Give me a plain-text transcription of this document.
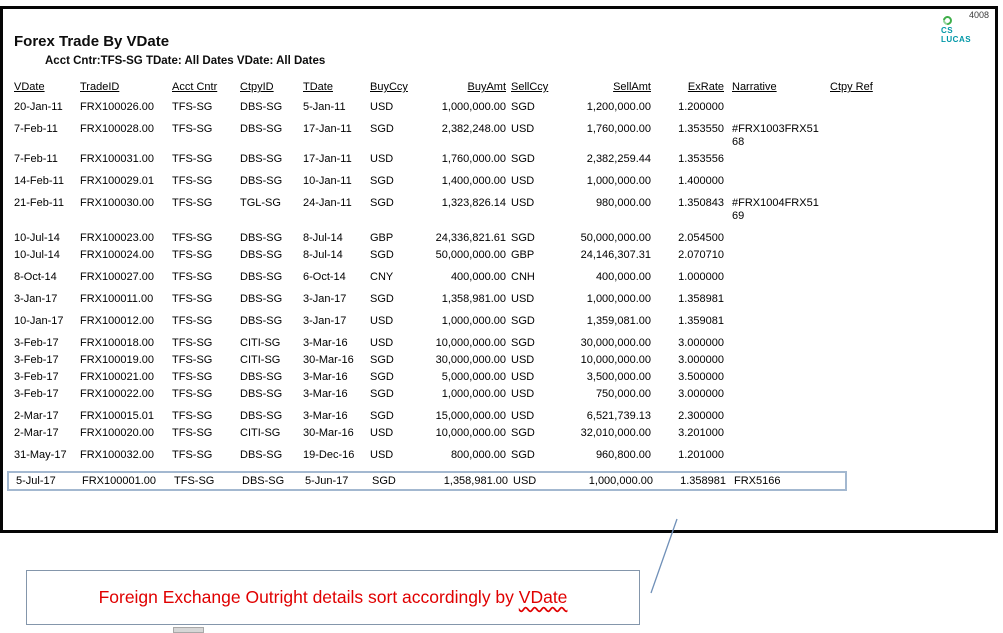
4008
CS
LUCAS
Forex Trade By VDate
Acct Cntr:TFS-SG TDate: All Dates VDate: All Dates
VDate	TradeID	Acct Cntr	CtpyID	TDate	BuyCcy	BuyAmt SellCcy	SellAmt	ExRate Narrative	Ctpy Ref
20-Jan-11	FRX100026.00	TFS-SG	DBS-SG	5-Jan-11	USD	1,000,000.00 SGD	1,200,000.00	1.200000
7-Feb-11	FRX100028.00	TFS-SG	DBS-SG	17-Jan-11	SGD	2,382,248.00 USD	1,760,000.00	1.353550 #FRX1003FRX5168
7-Feb-11	FRX100031.00	TFS-SG	DBS-SG	17-Jan-11	USD	1,760,000.00 SGD	2,382,259.44	1.353556
14-Feb-11	FRX100029.01	TFS-SG	DBS-SG	10-Jan-11	SGD	1,400,000.00 USD	1,000,000.00	1.400000
21-Feb-11	FRX100030.00	TFS-SG	TGL-SG	24-Jan-11	SGD	1,323,826.14 USD	980,000.00	1.350843 #FRX1004FRX5169
10-Jul-14	FRX100023.00	TFS-SG	DBS-SG	8-Jul-14	GBP	24,336,821.61 SGD	50,000,000.00	2.054500
10-Jul-14	FRX100024.00	TFS-SG	DBS-SG	8-Jul-14	SGD	50,000,000.00 GBP	24,146,307.31	2.070710
8-Oct-14	FRX100027.00	TFS-SG	DBS-SG	6-Oct-14	CNY	400,000.00 CNH	400,000.00	1.000000
3-Jan-17	FRX100011.00	TFS-SG	DBS-SG	3-Jan-17	SGD	1,358,981.00 USD	1,000,000.00	1.358981
10-Jan-17	FRX100012.00	TFS-SG	DBS-SG	3-Jan-17	USD	1,000,000.00 SGD	1,359,081.00	1.359081
3-Feb-17	FRX100018.00	TFS-SG	CITI-SG	3-Mar-16	USD	10,000,000.00 SGD	30,000,000.00	3.000000
3-Feb-17	FRX100019.00	TFS-SG	CITI-SG	30-Mar-16	SGD	30,000,000.00 USD	10,000,000.00	3.000000
3-Feb-17	FRX100021.00	TFS-SG	DBS-SG	3-Mar-16	SGD	5,000,000.00 USD	3,500,000.00	3.500000
3-Feb-17	FRX100022.00	TFS-SG	DBS-SG	3-Mar-16	SGD	1,000,000.00 USD	750,000.00	3.000000
2-Mar-17	FRX100015.01	TFS-SG	DBS-SG	3-Mar-16	SGD	15,000,000.00 USD	6,521,739.13	2.300000
2-Mar-17	FRX100020.00	TFS-SG	CITI-SG	30-Mar-16	USD	10,000,000.00 SGD	32,010,000.00	3.201000
31-May-17	FRX100032.00	TFS-SG	DBS-SG	19-Dec-16	USD	800,000.00 SGD	960,800.00	1.201000
5-Jul-17	FRX100001.00	TFS-SG	DBS-SG	5-Jun-17	SGD	1,358,981.00 USD	1,000,000.00	1.358981 FRX5166
Foreign Exchange Outright details sort accordingly by VDate
